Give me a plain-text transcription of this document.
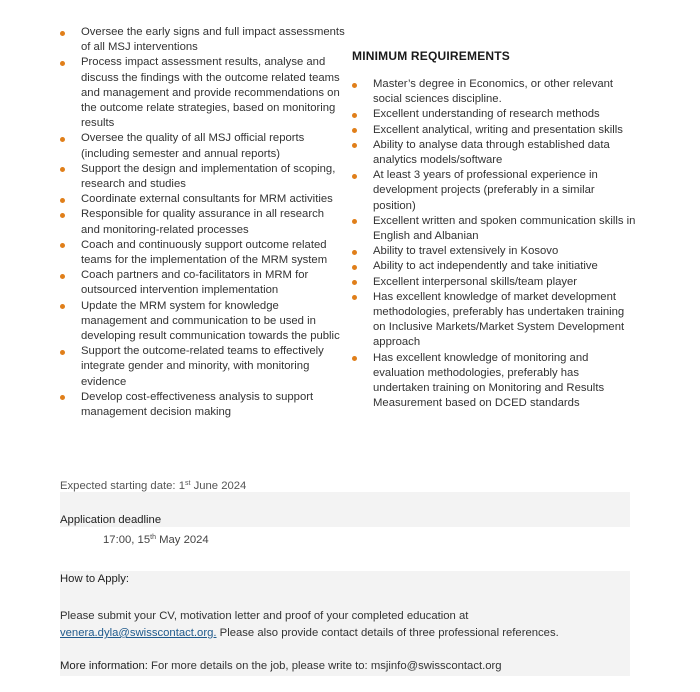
Oversee the early signs and full impact assessments of all MSJ interventions
Process impact assessment results, analyse and discuss the findings with the outcome related teams and management and provide recommendations on the outcome relate strategies, based on monitoring results
Oversee the quality of all MSJ official reports (including semester and annual reports)
Support the design and implementation of scoping, research and studies
Coordinate external consultants for MRM activities
Responsible for quality assurance in all research and monitoring-related processes
Coach and continuously support outcome related teams for the implementation of the MRM system
Coach partners and co-facilitators in MRM for outsourced intervention implementation
Update the MRM system for knowledge management and communication to be used in developing result communication towards the public
Support the outcome-related teams to effectively integrate gender and minority, with monitoring evidence
Develop cost-effectiveness analysis to support management decision making
MINIMUM REQUIREMENTS
Master’s degree in Economics, or other relevant social sciences discipline.
Excellent understanding of research methods
Excellent analytical, writing and presentation skills
Ability to analyse data through established data analytics models/software
At least 3 years of professional experience in development projects (preferably in a similar position)
Excellent written and spoken communication skills in English and Albanian
Ability to travel extensively in Kosovo
Ability to act independently and take initiative
Excellent interpersonal skills/team player
Has excellent knowledge of market development methodologies, preferably has undertaken training on Inclusive Markets/Market System Development approach
Has excellent knowledge of monitoring and evaluation methodologies, preferably has undertaken training on Monitoring and Results Measurement based on DCED standards
Expected starting date: 1st June 2024
Application deadline
17:00, 15th May 2024
How to Apply:
Please submit your CV, motivation letter and proof of your completed education at
venera.dyla@swisscontact.org. Please also provide contact details of three professional references.
More information: For more details on the job, please write to: msjinfo@swisscontact.org
